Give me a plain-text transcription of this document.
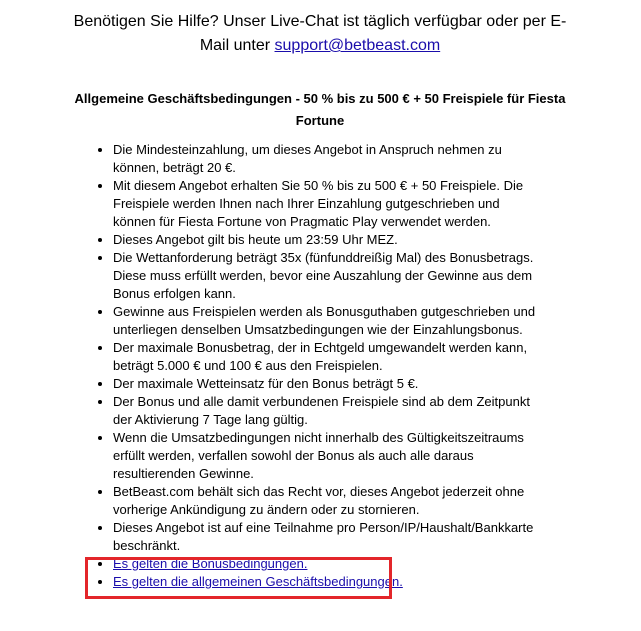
Benötigen Sie Hilfe? Unser Live-Chat ist täglich verfügbar oder per E-Mail unter support@betbeast.com
Allgemeine Geschäftsbedingungen - 50 % bis zu 500 € + 50 Freispiele für Fiesta Fortune
• Die Mindesteinzahlung, um dieses Angebot in Anspruch nehmen zu können, beträgt 20 €.
• Mit diesem Angebot erhalten Sie 50 % bis zu 500 € + 50 Freispiele. Die Freispiele werden Ihnen nach Ihrer Einzahlung gutgeschrieben und können für Fiesta Fortune von Pragmatic Play verwendet werden.
• Dieses Angebot gilt bis heute um 23:59 Uhr MEZ.
• Die Wettanforderung beträgt 35x (fünfunddreißig Mal) des Bonusbetrags. Diese muss erfüllt werden, bevor eine Auszahlung der Gewinne aus dem Bonus erfolgen kann.
• Gewinne aus Freispielen werden als Bonusguthaben gutgeschrieben und unterliegen denselben Umsatzbedingungen wie der Einzahlungsbonus.
• Der maximale Bonusbetrag, der in Echtgeld umgewandelt werden kann, beträgt 5.000 € und 100 € aus den Freispielen.
• Der maximale Wetteinsatz für den Bonus beträgt 5 €.
• Der Bonus und alle damit verbundenen Freispiele sind ab dem Zeitpunkt der Aktivierung 7 Tage lang gültig.
• Wenn die Umsatzbedingungen nicht innerhalb des Gültigkeitszeitraums erfüllt werden, verfallen sowohl der Bonus als auch alle daraus resultierenden Gewinne.
• BetBeast.com behält sich das Recht vor, dieses Angebot jederzeit ohne vorherige Ankündigung zu ändern oder zu stornieren.
• Dieses Angebot ist auf eine Teilnahme pro Person/IP/Haushalt/Bankkarte beschränkt.
• Es gelten die Bonusbedingungen.
• Es gelten die allgemeinen Geschäftsbedingungen.
